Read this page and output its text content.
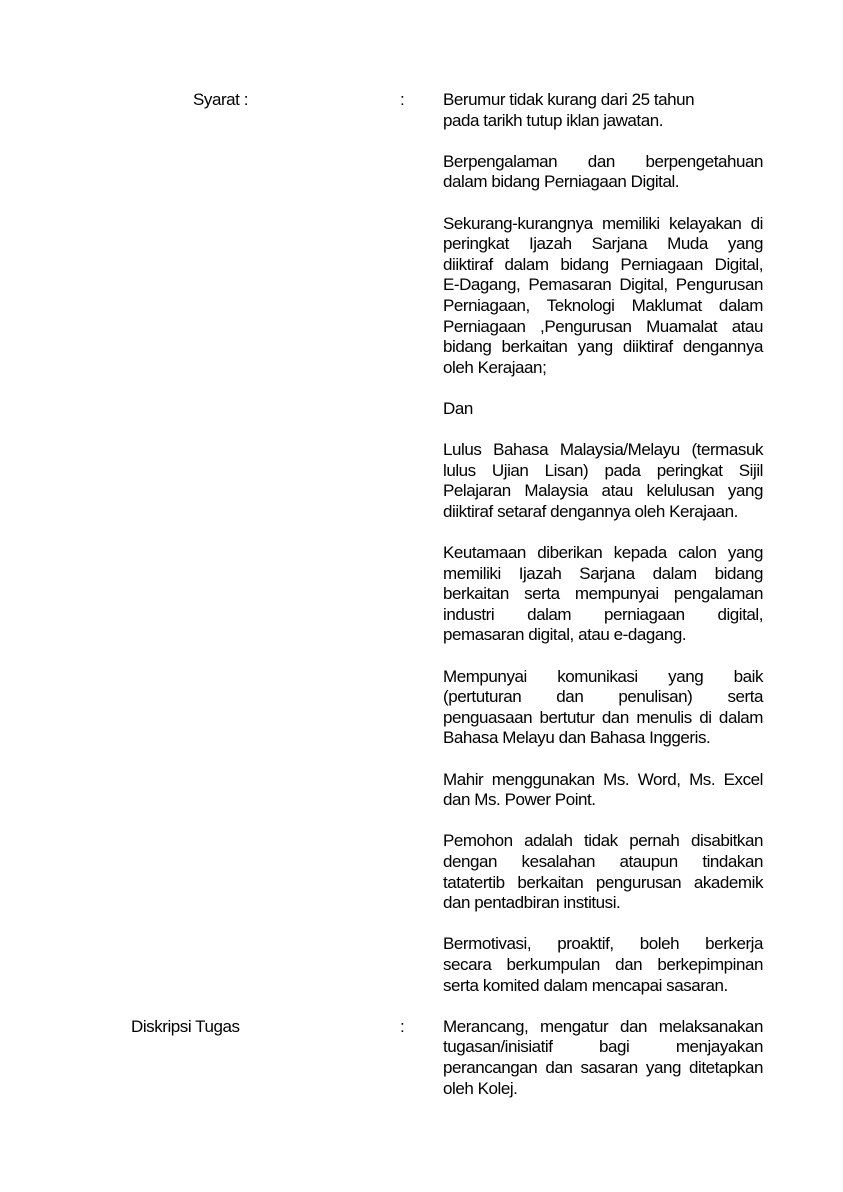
Syarat :	:	Berumur tidak kurang dari 25 tahun
pada tarikh tutup iklan jawatan.
Berpengalaman dan berpengetahuan
dalam bidang Perniagaan Digital.
Sekurang-kurangnya memiliki kelayakan di
peringkat Ijazah Sarjana Muda yang
diiktiraf dalam bidang Perniagaan Digital,
E-Dagang, Pemasaran Digital, Pengurusan
Perniagaan, Teknologi Maklumat dalam
Perniagaan ,Pengurusan Muamalat atau
bidang berkaitan yang diiktiraf dengannya
oleh Kerajaan;
Dan
Lulus Bahasa Malaysia/Melayu (termasuk
lulus Ujian Lisan) pada peringkat Sijil
Pelajaran Malaysia atau kelulusan yang
diiktiraf setaraf dengannya oleh Kerajaan.
Keutamaan diberikan kepada calon yang
memiliki Ijazah Sarjana dalam bidang
berkaitan serta mempunyai pengalaman
industri dalam perniagaan digital,
pemasaran digital, atau e-dagang.
Mempunyai komunikasi yang baik
(pertuturan dan penulisan) serta
penguasaan bertutur dan menulis di dalam
Bahasa Melayu dan Bahasa Inggeris.
Mahir menggunakan Ms. Word, Ms. Excel
dan Ms. Power Point.
Pemohon adalah tidak pernah disabitkan
dengan kesalahan ataupun tindakan
tatatertib berkaitan pengurusan akademik
dan pentadbiran institusi.
Bermotivasi, proaktif, boleh berkerja
secara berkumpulan dan berkepimpinan
serta komited dalam mencapai sasaran.
Diskripsi Tugas	:	Merancang, mengatur dan melaksanakan
tugasan/inisiatif bagi menjayakan
perancangan dan sasaran yang ditetapkan
oleh Kolej.
